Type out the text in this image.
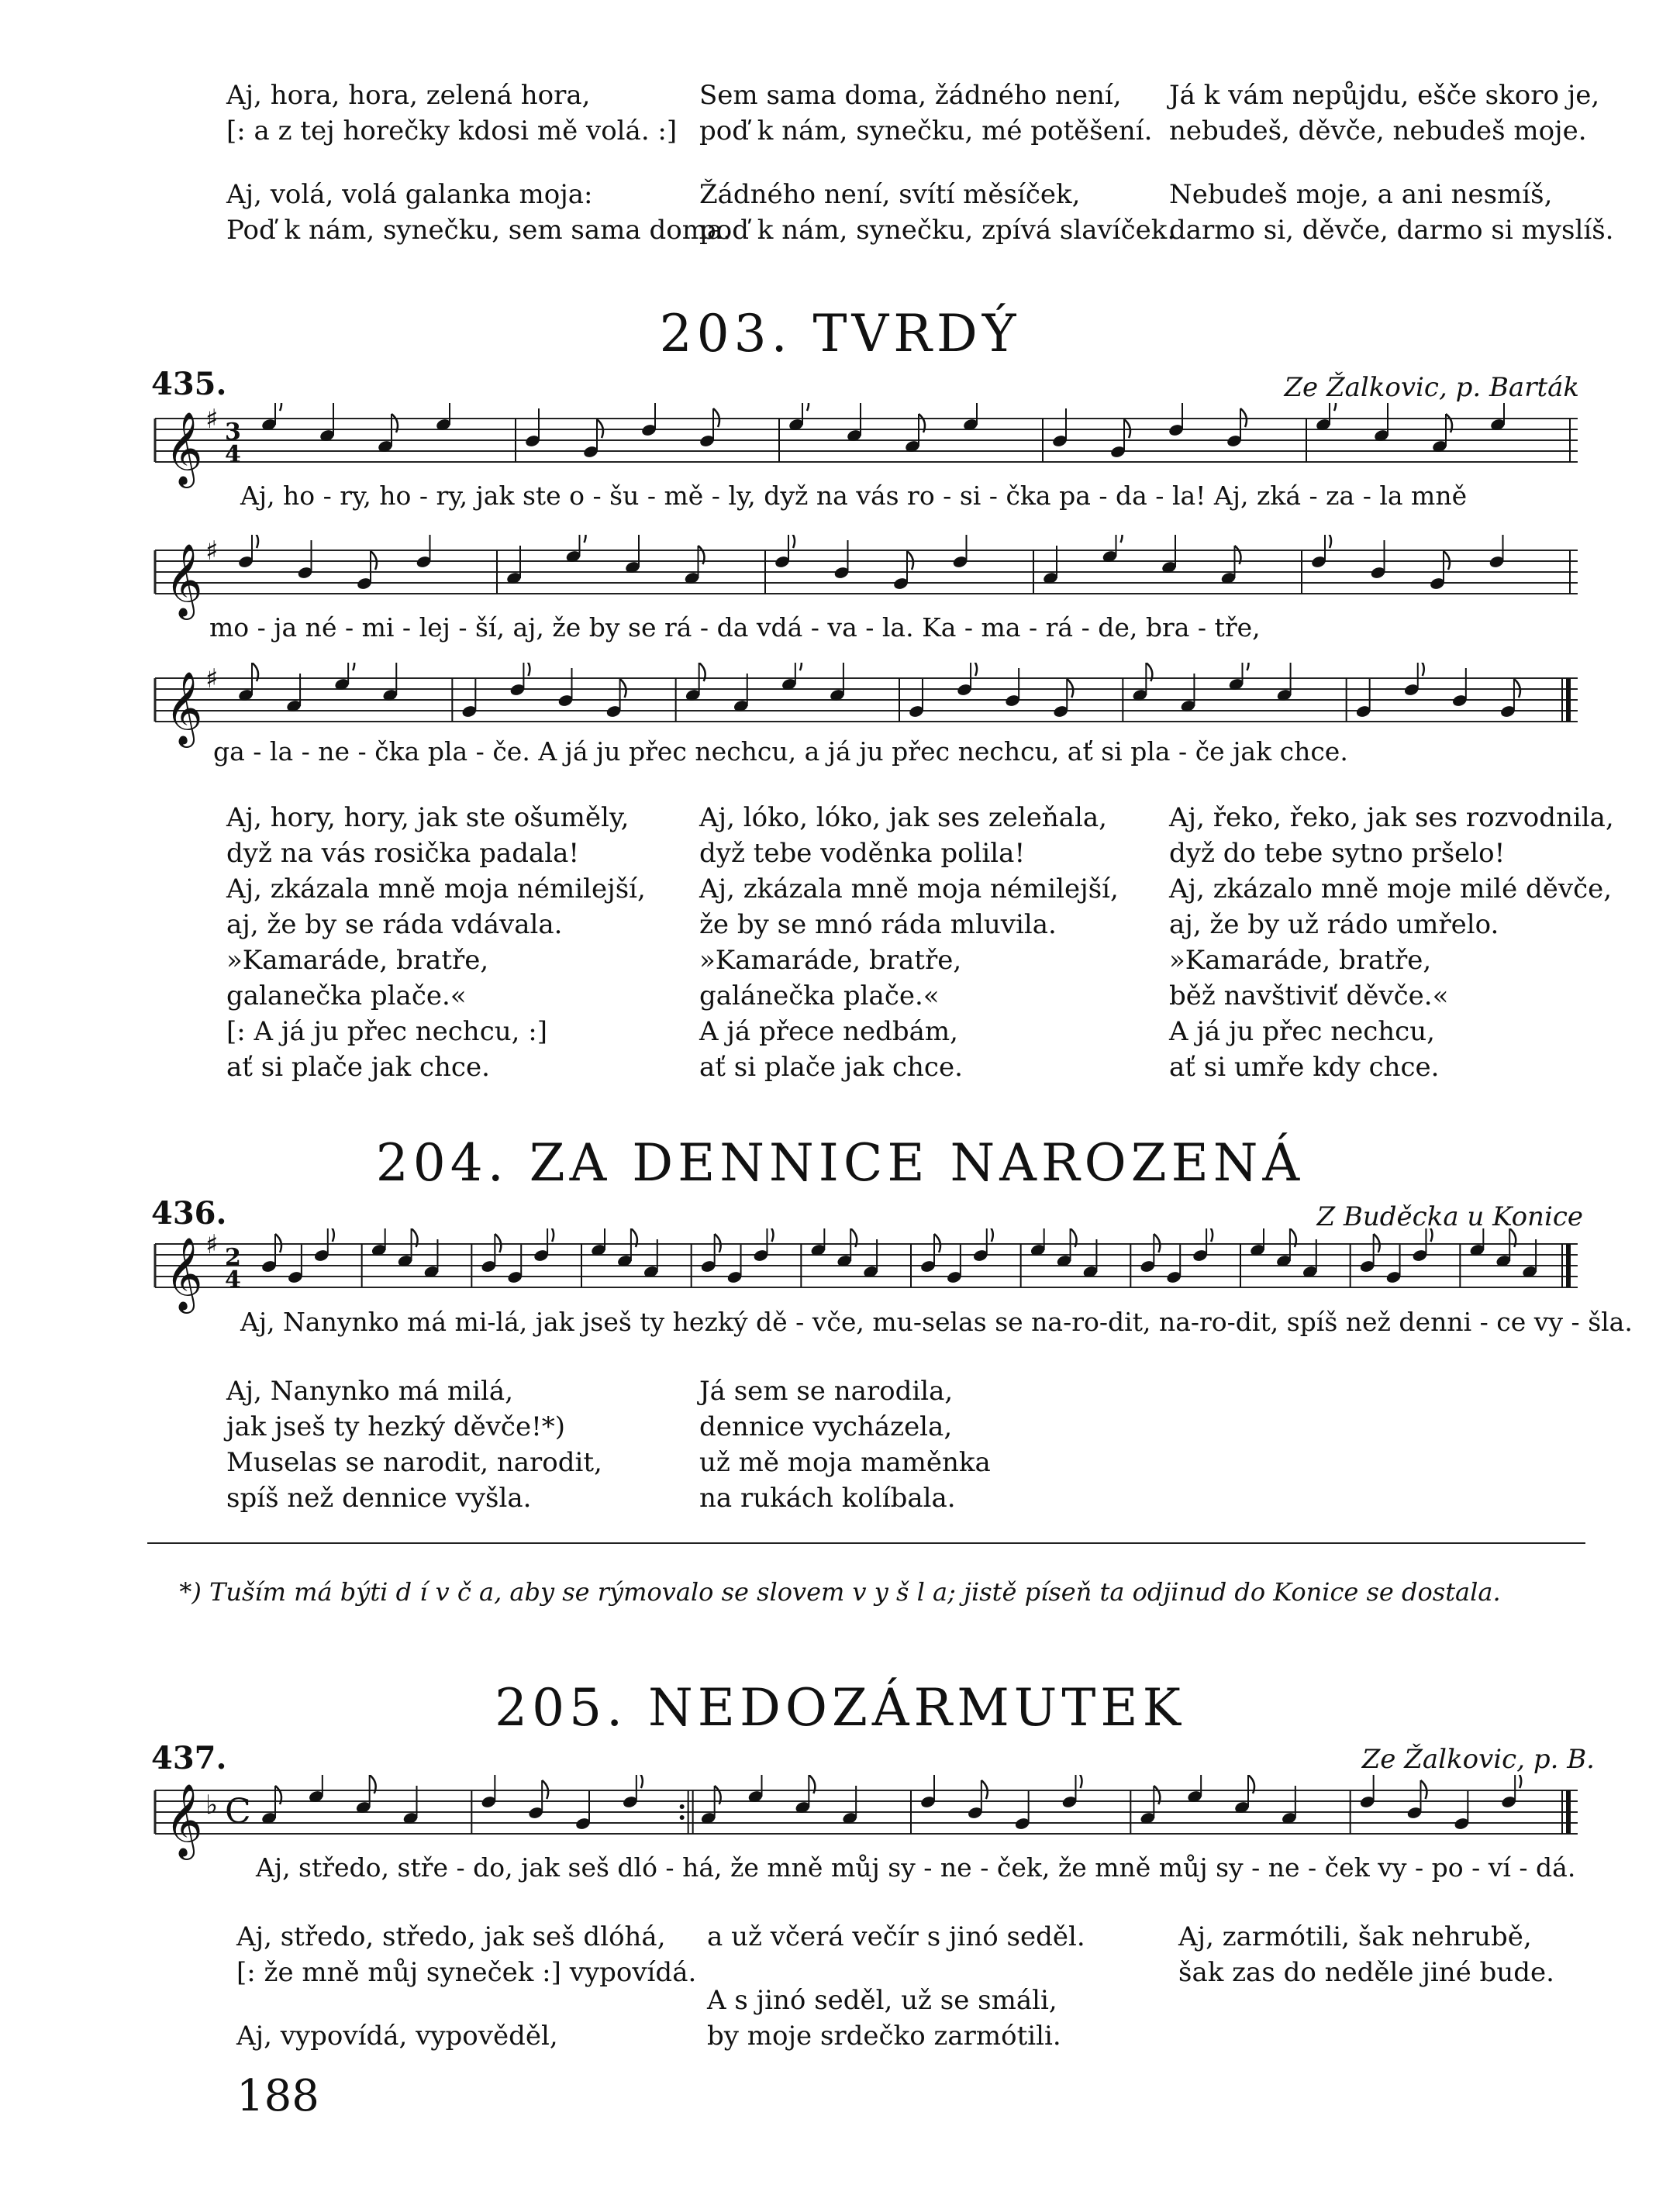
Aj, hora, hora, zelená hora,

[: a z tej horečky kdosi mě volá. :]

Aj, volá, volá galanka moja:

Poď k nám, synečku, sem sama doma.

Sem sama doma, žádného není,

poď k nám, synečku, mé potěšení.

Žádného není, svítí měsíček,

poď k nám, synečku, zpívá slavíček.

Já k vám nepůjdu, ešče skoro je,

nebudeš, děvče, nebudeš moje.

Nebudeš moje, a ani nesmíš,

darmo si, děvče, darmo si myslíš.

203. TVRDÝ
435.	Ze Žalkovic, p. Barták
𝄞 ♯ 3
4
Aj, ho - ry, ho - ry, jak ste o - šu - mě - ly, dyž na vás ro - si - čka pa - da - la! Aj, zká - za - la mně
𝄞 ♯
mo - ja né - mi - lej - ší, aj, že by se rá - da vdá - va - la. Ka - ma - rá - de, bra - tře,
𝄞 ♯
ga - la - ne - čka pla - če. A já ju přec nechcu, a já ju přec nechcu, ať si pla - če jak chce.

Aj, hory, hory, jak ste ošuměly,

dyž na vás rosička padala!

Aj, zkázala mně moja némilejší,

aj, že by se ráda vdávala.

»Kamaráde, bratře,

galanečka plače.«

[: A já ju přec nechcu, :]

ať si plače jak chce.

Aj, lóko, lóko, jak ses zeleňala,

dyž tebe voděnka polila!

Aj, zkázala mně moja némilejší,

že by se mnó ráda mluvila.

»Kamaráde, bratře,

galánečka plače.«

A já přece nedbám,

ať si plače jak chce.

Aj, řeko, řeko, jak ses rozvodnila,

dyž do tebe sytno pršelo!

Aj, zkázalo mně moje milé děvče,

aj, že by už rádo umřelo.

»Kamaráde, bratře,

běž navštiviť děvče.«

A já ju přec nechcu,

ať si umře kdy chce.

204. ZA DENNICE NAROZENÁ
436.	Z Buděcka u Konice
𝄞 ♯ 2
4
Aj, Nanynko má mi-lá, jak jseš ty hezký dě - vče, mu-selas se na-ro-dit, na-ro-dit, spíš než denni - ce vy - šla.

Aj, Nanynko má milá,

jak jseš ty hezký děvče!*)

Muselas se narodit, narodit,

spíš než dennice vyšla.

Já sem se narodila,

dennice vycházela,

už mě moja maměnka

na rukách kolíbala.

*) Tuším má býti d í v č a, aby se rýmovalo se slovem v y š l a; jistě píseň ta odjinud do Konice se dostala.
205. NEDOZÁRMUTEK
437.	Ze Žalkovic, p. B.
𝄞 ♭ C
Aj, středo, stře - do, jak seš dló - há, že mně můj sy - ne - ček, že mně můj sy - ne - ček vy - po - ví - dá.

Aj, středo, středo, jak seš dlóhá,

[: že mně můj syneček :] vypovídá.

Aj, vypovídá, vypověděl,

a už včerá večír s jinó seděl.

A s jinó seděl, už se smáli,

by moje srdečko zarmótili.

Aj, zarmótili, šak nehrubě,

šak zas do neděle jiné bude.

188
